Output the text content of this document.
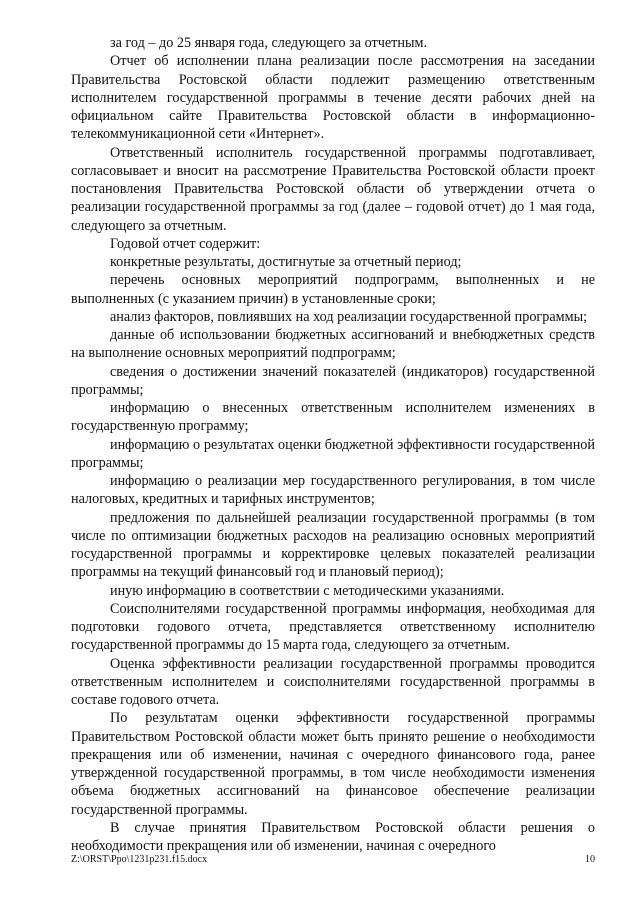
за год – до 25 января года, следующего за отчетным.

Отчет об исполнении плана реализации после рассмотрения на заседании Правительства Ростовской области подлежит размещению ответственным исполнителем государственной программы в течение десяти рабочих дней на официальном сайте Правительства Ростовской области в информационно-телекоммуникационной сети «Интернет».

Ответственный исполнитель государственной программы подготавливает, согласовывает и вносит на рассмотрение Правительства Ростовской области проект постановления Правительства Ростовской области об утверждении отчета о реализации государственной программы за год (далее – годовой отчет) до 1 мая года, следующего за отчетным.

Годовой отчет содержит:

конкретные результаты, достигнутые за отчетный период;

перечень основных мероприятий подпрограмм, выполненных и не выполненных (с указанием причин) в установленные сроки;

анализ факторов, повлиявших на ход реализации государственной программы;

данные об использовании бюджетных ассигнований и внебюджетных средств на выполнение основных мероприятий подпрограмм;

сведения о достижении значений показателей (индикаторов) государственной программы;

информацию о внесенных ответственным исполнителем изменениях в государственную программу;

информацию о результатах оценки бюджетной эффективности государственной программы;

информацию о реализации мер государственного регулирования, в том числе налоговых, кредитных и тарифных инструментов;

предложения по дальнейшей реализации государственной программы (в том числе по оптимизации бюджетных расходов на реализацию основных мероприятий государственной программы и корректировке целевых показателей реализации программы на текущий финансовый год и плановый период);

иную информацию в соответствии с методическими указаниями.

Соисполнителями государственной программы информация, необходимая для подготовки годового отчета, представляется ответственному исполнителю государственной программы до 15 марта года, следующего за отчетным.

Оценка эффективности реализации государственной программы проводится ответственным исполнителем и соисполнителями государственной программы в составе годового отчета.

По результатам оценки эффективности государственной программы Правительством Ростовской области может быть принято решение о необходимости прекращения или об изменении, начиная с очередного финансового года, ранее утвержденной государственной программы, в том числе необходимости изменения объема бюджетных ассигнований на финансовое обеспечение реализации государственной программы.

В случае принятия Правительством Ростовской области решения о необходимости прекращения или об изменении, начиная с очередного

Z:\ORST\Ppo\1231p231.f15.docx	10
